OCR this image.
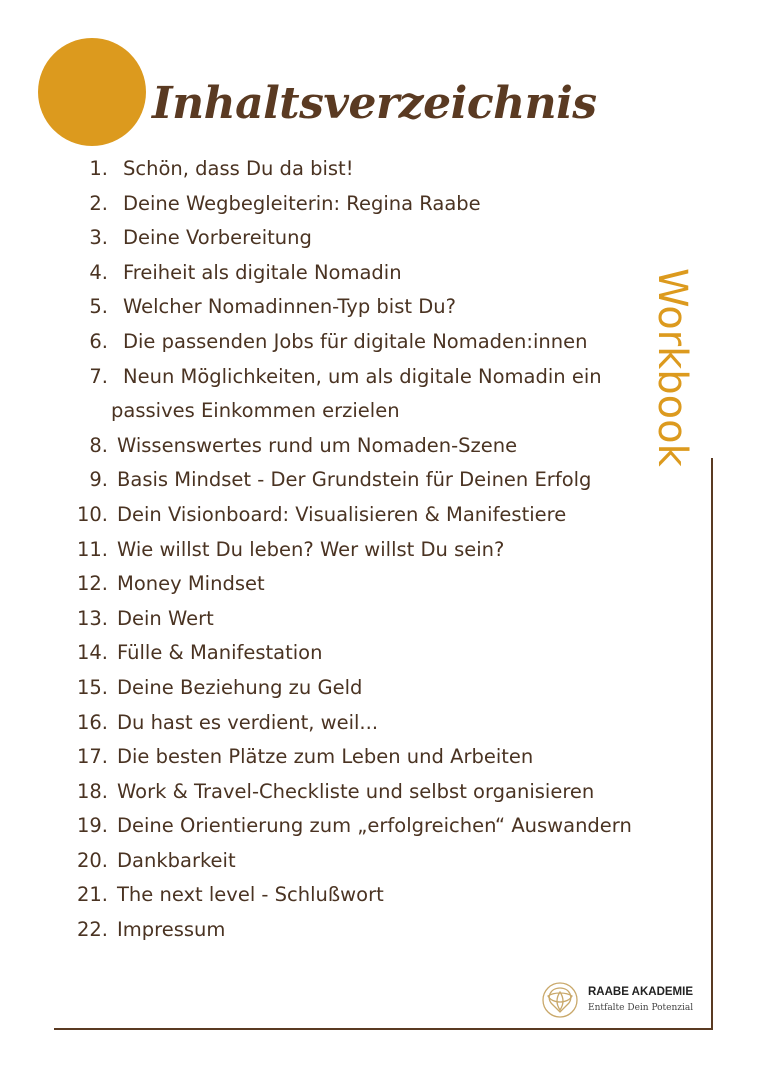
Inhaltsverzeichnis
1. Schön, dass Du da bist!
2. Deine Wegbegleiterin: Regina Raabe
3. Deine Vorbereitung
4. Freiheit als digitale Nomadin
5. Welcher Nomadinnen-Typ bist Du?
6. Die passenden Jobs für digitale Nomaden:innen
7. Neun Möglichkeiten, um als digitale Nomadin ein
passives Einkommen erzielen
8. Wissenswertes rund um Nomaden-Szene
9. Basis Mindset - Der Grundstein für Deinen Erfolg
10. Dein Visionboard: Visualisieren & Manifestiere
11. Wie willst Du leben? Wer willst Du sein?
12. Money Mindset
13. Dein Wert
14. Fülle & Manifestation
15. Deine Beziehung zu Geld
16. Du hast es verdient, weil...
17. Die besten Plätze zum Leben und Arbeiten
18. Work & Travel-Checkliste und selbst organisieren
19. Deine Orientierung zum „erfolgreichen“ Auswandern
20. Dankbarkeit
21. The next level - Schlußwort
22. Impressum
Workbook
RAABE AKADEMIE
Entfalte Dein Potenzial
